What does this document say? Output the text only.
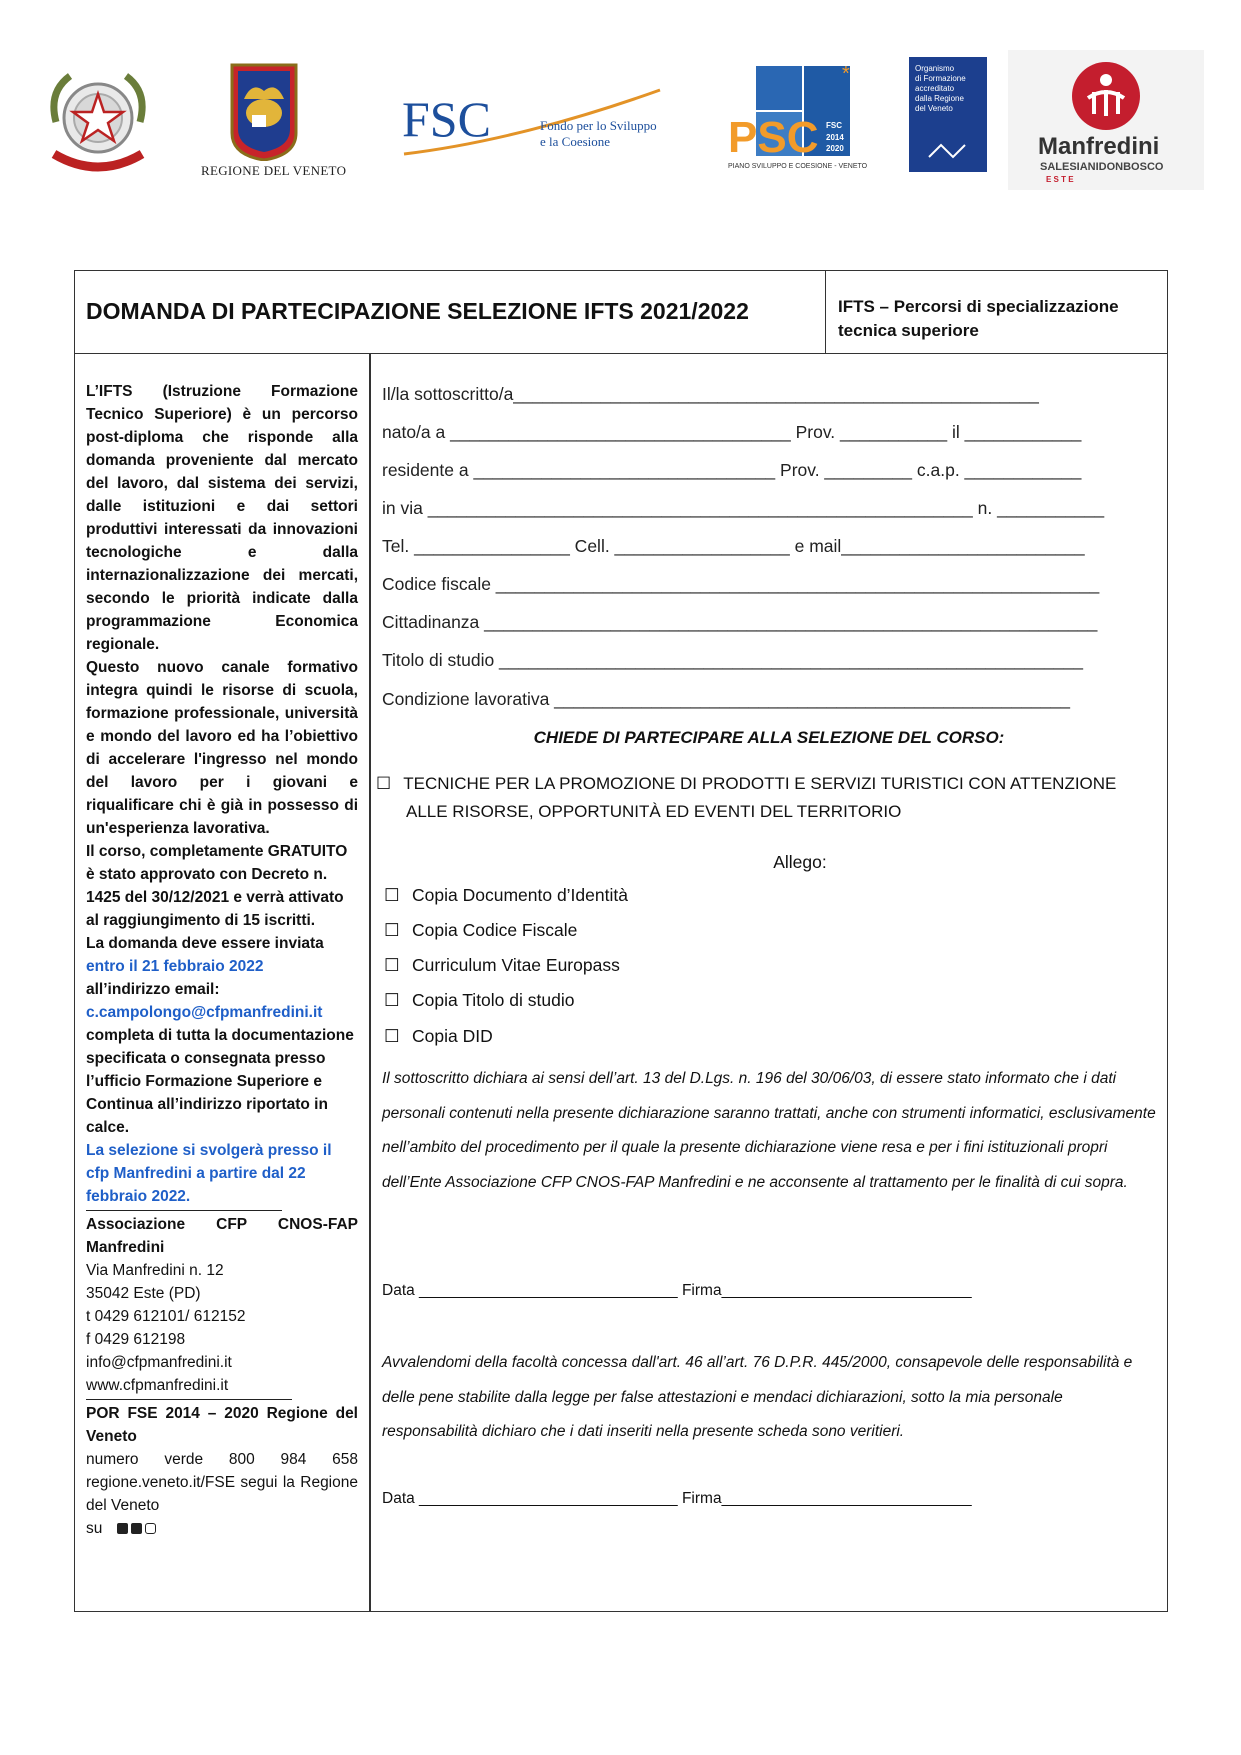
REGIONE DEL VENETO
FSC	Fondo per lo Sviluppo
e la Coesione	PSC
*
FSC
2014
2020
PIANO SVILUPPO E COESIONE - VENETO
Organismo
di Formazione
accreditato
dalla Regione
del Veneto
Manfredini
SALESIANIDONBOSCO
E S T E
DOMANDA DI PARTECIPAZIONE SELEZIONE IFTS 2021/2022	IFTS – Percorsi di specializzazione tecnica superiore

L’IFTS (Istruzione Formazione Tecnico Superiore) è un percorso post-diploma che risponde alla domanda proveniente dal mercato del lavoro, dal sistema dei servizi, dalle istituzioni e dai settori produttivi interessati da innovazioni tecnologiche e dalla internazionalizzazione dei mercati, secondo le priorità indicate dalla programmazione Economica regionale.

Questo nuovo canale formativo integra quindi le risorse di scuola, formazione professionale, università e mondo del lavoro ed ha l’obiettivo di accelerare l'ingresso nel mondo del lavoro per i giovani e riqualificare chi è già in possesso di un'esperienza lavorativa.

Il corso, completamente GRATUITO è stato approvato con Decreto n. 1425 del 30/12/2021 e verrà attivato al raggiungimento di 15 iscritti.

La domanda deve essere inviata

entro il 21 febbraio 2022

all’indirizzo email:

c.campolongo@cfpmanfredini.it

completa di tutta la documentazione specificata o consegnata presso l’ufficio Formazione Superiore e Continua all’indirizzo riportato in calce.

La selezione si svolgerà presso il cfp Manfredini a partire dal 22 febbraio 2022.

Associazione CFP CNOS-FAP Manfredini

Via Manfredini n. 12

35042 Este (PD)

t 0429 612101/ 612152

f 0429 612198

info@cfpmanfredini.it

www.cfpmanfredini.it

POR FSE 2014 – 2020 Regione del Veneto

numero verde 800 984 658 regione.veneto.it/FSE segui la Regione del Veneto

su

Il/la sottoscritto/a______________________________________________________
nato/a a ___________________________________ Prov. ___________ il ____________
residente a _______________________________ Prov. _________ c.a.p. ____________
in via ________________________________________________________ n. ___________
Tel. ________________ Cell. __________________ e mail_________________________
Codice fiscale ______________________________________________________________
Cittadinanza _______________________________________________________________
Titolo di studio ____________________________________________________________
Condizione lavorativa _____________________________________________________
CHIEDE DI PARTECIPARE ALLA SELEZIONE DEL CORSO:
☐ TECNICHE PER LA PROMOZIONE DI PRODOTTI E SERVIZI TURISTICI CON ATTENZIONE
ALLE RISORSE, OPPORTUNITÀ ED EVENTI DEL TERRITORIO
Allego:
☐ Copia Documento d’Identità
☐ Copia Codice Fiscale
☐ Curriculum Vitae Europass
☐ Copia Titolo di studio
☐ Copia DID
Il sottoscritto dichiara ai sensi dell’art. 13 del D.Lgs. n. 196 del 30/06/03, di essere stato informato che i dati personali contenuti nella presente dichiarazione saranno trattati, anche con strumenti informatici, esclusivamente nell’ambito del procedimento per il quale la presente dichiarazione viene resa e per i fini istituzionali propri dell’Ente Associazione CFP CNOS-FAP Manfredini e ne acconsente al trattamento per le finalità di cui sopra.
Data ______________________________ Firma_____________________________
Avvalendomi della facoltà concessa dall'art. 46 all’art. 76 D.P.R. 445/2000, consapevole delle responsabilità e delle pene stabilite dalla legge per false attestazioni e mendaci dichiarazioni, sotto la mia personale responsabilità dichiaro che i dati inseriti nella presente scheda sono veritieri.
Data ______________________________ Firma_____________________________
